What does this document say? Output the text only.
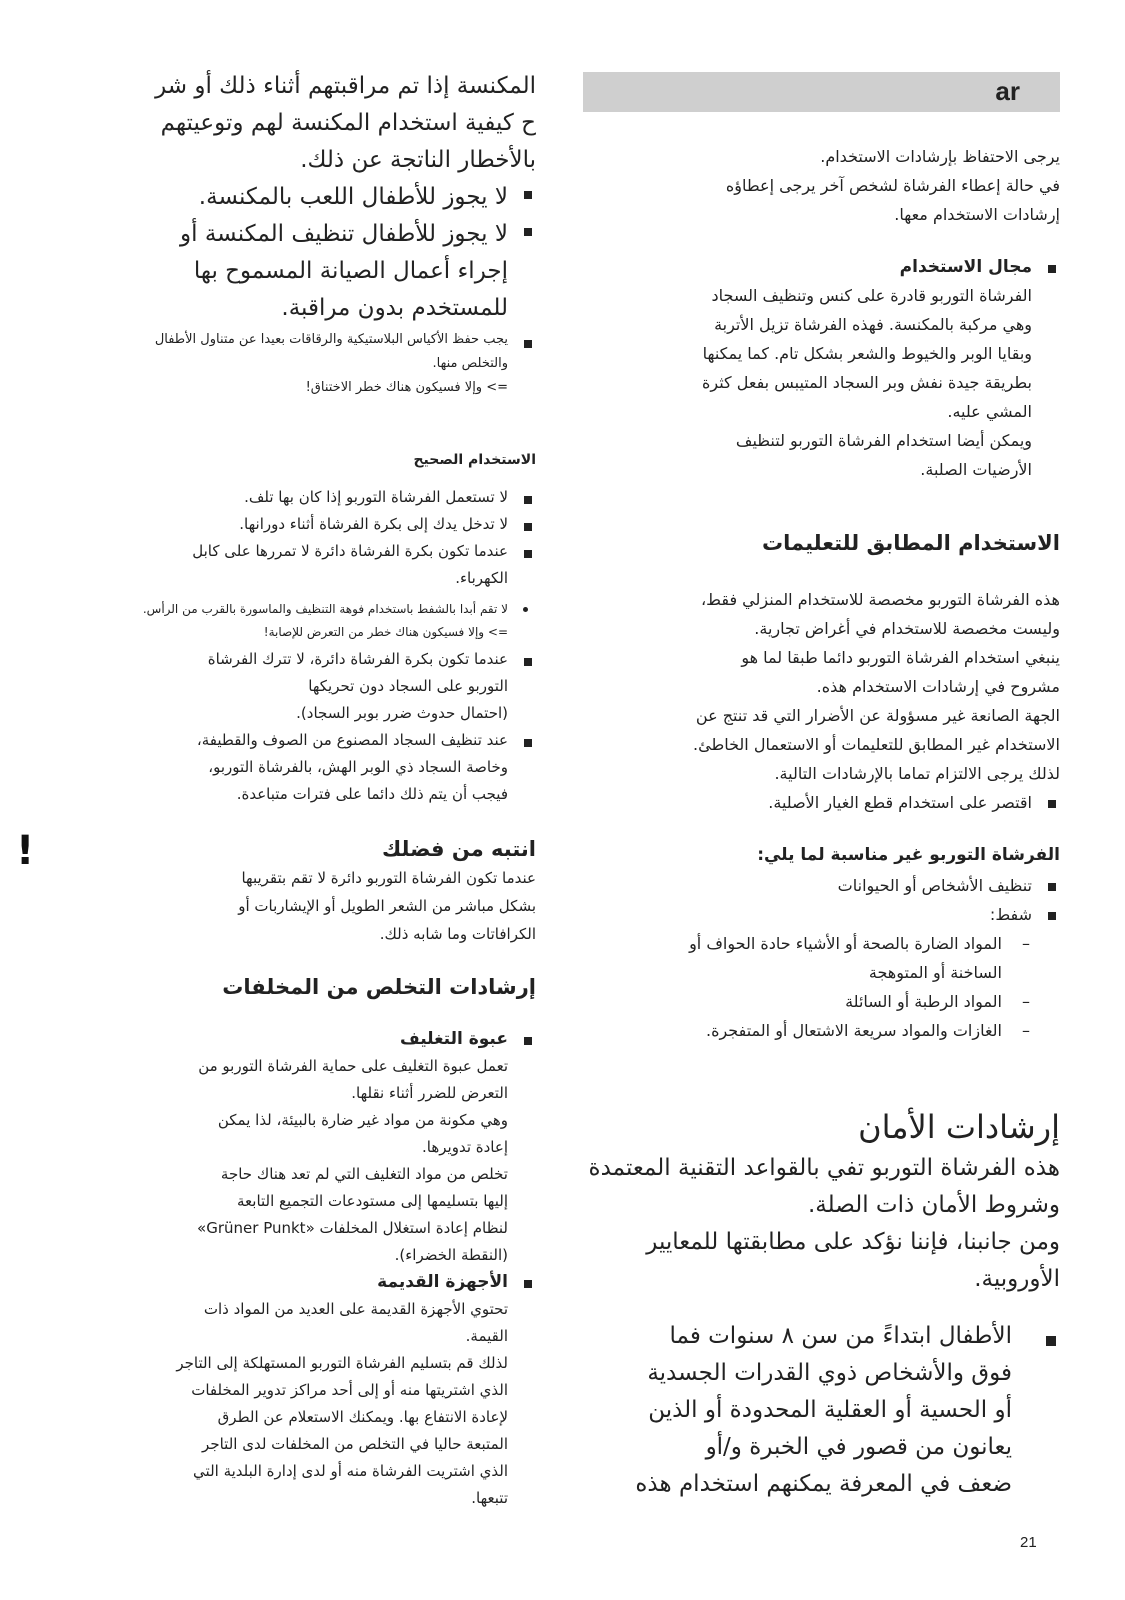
ar

يرجى الاحتفاظ بإرشادات الاستخدام.

في حالة إعطاء الفرشاة لشخص آخر يرجى إعطاؤه

إرشادات الاستخدام معها.

مجال الاستخدام

الفرشاة التوربو قادرة على كنس وتنظيف السجاد

وهي مركبة بالمكنسة. فهذه الفرشاة تزيل الأتربة

وبقايا الوبر والخيوط والشعر بشكل تام. كما يمكنها

بطريقة جيدة نفش وبر السجاد المتيبس بفعل كثرة

المشي عليه.

ويمكن أيضا استخدام الفرشاة التوربو لتنظيف

الأرضيات الصلبة.

الاستخدام المطابق للتعليمات

هذه الفرشاة التوربو مخصصة للاستخدام المنزلي فقط،

وليست مخصصة للاستخدام في أغراض تجارية.

ينبغي استخدام الفرشاة التوربو دائما طبقا لما هو

مشروح في إرشادات الاستخدام هذه.

الجهة الصانعة غير مسؤولة عن الأضرار التي قد تنتج عن

الاستخدام غير المطابق للتعليمات أو الاستعمال الخاطئ.

لذلك يرجى الالتزام تماما بالإرشادات التالية.

اقتصر على استخدام قطع الغيار الأصلية.

الفرشاة التوربو غير مناسبة لما يلي:

تنظيف الأشخاص أو الحيوانات

شفط:

– المواد الضارة بالصحة أو الأشياء حادة الحواف أو

الساخنة أو المتوهجة

– المواد الرطبة أو السائلة

– الغازات والمواد سريعة الاشتعال أو المتفجرة.

إرشادات الأمان

هذه الفرشاة التوربو تفي بالقواعد التقنية المعتمدة

وشروط الأمان ذات الصلة.

ومن جانبنا، فإننا نؤكد على مطابقتها للمعايير

الأوروبية.

الأطفال ابتداءً من سن ٨ سنوات فما

فوق والأشخاص ذوي القدرات الجسدية

أو الحسية أو العقلية المحدودة أو الذين

يعانون من قصور في الخبرة و/أو

ضعف في المعرفة يمكنهم استخدام هذه

المكنسة إذا تم مراقبتهم أثناء ذلك أو شر

ح كيفية استخدام المكنسة لهم وتوعيتهم

بالأخطار الناتجة عن ذلك.

لا يجوز للأطفال اللعب بالمكنسة.

لا يجوز للأطفال تنظيف المكنسة أو

إجراء أعمال الصيانة المسموح بها

للمستخدم بدون مراقبة.

يجب حفظ الأكياس البلاستيكية والرقاقات بعيدا عن متناول الأطفال

والتخلص منها.

=> وإلا فسيكون هناك خطر الاختناق!

الاستخدام الصحيح

لا تستعمل الفرشاة التوربو إذا كان بها تلف.

لا تدخل يدك إلى بكرة الفرشاة أثناء دورانها.

عندما تكون بكرة الفرشاة دائرة لا تمررها على كابل

الكهرباء.

لا تقم أبدا بالشفط باستخدام فوهة التنظيف والماسورة بالقرب من الرأس.

=> وإلا فسيكون هناك خطر من التعرض للإصابة!

عندما تكون بكرة الفرشاة دائرة، لا تترك الفرشاة

التوربو على السجاد دون تحريكها

(احتمال حدوث ضرر بوبر السجاد).

عند تنظيف السجاد المصنوع من الصوف والقطيفة،

وخاصة السجاد ذي الوبر الهش، بالفرشاة التوربو،

فيجب أن يتم ذلك دائما على فترات متباعدة.

انتبه من فضلك

!

عندما تكون الفرشاة التوربو دائرة لا تقم بتقريبها

بشكل مباشر من الشعر الطويل أو الإيشاربات أو

الكرافاتات وما شابه ذلك.

إرشادات التخلص من المخلفات

عبوة التغليف

تعمل عبوة التغليف على حماية الفرشاة التوربو من

التعرض للضرر أثناء نقلها.

وهي مكونة من مواد غير ضارة بالبيئة، لذا يمكن

إعادة تدويرها.

تخلص من مواد التغليف التي لم تعد هناك حاجة

إليها بتسليمها إلى مستودعات التجميع التابعة

لنظام إعادة استغلال المخلفات «Grüner Punkt»

(النقطة الخضراء).

الأجهزة القديمة

تحتوي الأجهزة القديمة على العديد من المواد ذات

القيمة.

لذلك قم بتسليم الفرشاة التوربو المستهلكة إلى التاجر

الذي اشتريتها منه أو إلى أحد مراكز تدوير المخلفات

لإعادة الانتفاع بها. ويمكنك الاستعلام عن الطرق

المتبعة حاليا في التخلص من المخلفات لدى التاجر

الذي اشتريت الفرشاة منه أو لدى إدارة البلدية التي

تتبعها.

21
